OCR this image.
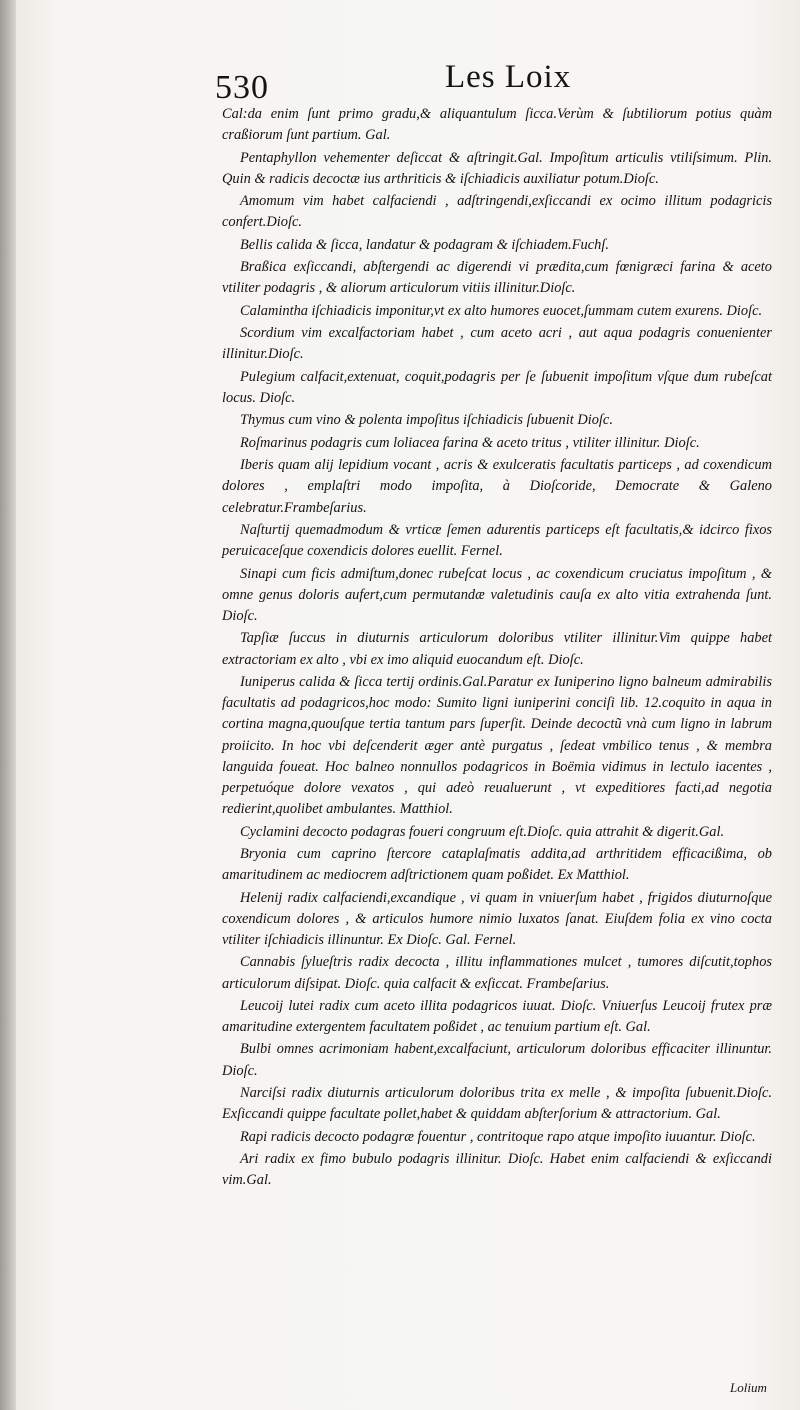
530	Les Loix

Cal:da enim ſunt primo gradu,& aliquantulum ſicca.Verùm & ſubtiliorum potius quàm craßiorum ſunt partium. Gal.

Pentaphyllon vehementer deſiccat & aſtringit.Gal. Impoſitum articulis vtiliſsimum. Plin. Quin & radicis decoctæ ius arthriticis & iſchiadicis auxiliatur potum.Dioſc.

Amomum vim habet calfaciendi , adſtringendi,exſiccandi ex ocimo illitum podagricis confert.Dioſc.

Bellis calida & ſicca, landatur & podagram & iſchiadem.Fuchſ.

Braßica exſiccandi, abſtergendi ac digerendi vi prædita,cum fœnigræci farina & aceto vtiliter podagris , & aliorum articulorum vitiis illinitur.Dioſc.

Calamintha iſchiadicis imponitur,vt ex alto humores euocet,ſummam cutem exurens. Dioſc.

Scordium vim excalfactoriam habet , cum aceto acri , aut aqua podagris conuenienter illinitur.Dioſc.

Pulegium calfacit,extenuat, coquit,podagris per ſe ſubuenit impoſitum vſque dum rubeſcat locus. Dioſc.

Thymus cum vino & polenta impoſitus iſchiadicis ſubuenit Dioſc.

Roſmarinus podagris cum loliacea farina & aceto tritus , vtiliter illinitur. Dioſc.

Iberis quam alij lepidium vocant , acris & exulceratis facultatis particeps , ad coxendicum dolores , emplaſtri modo impoſita, à Dioſcoride, Democrate & Galeno celebratur.Frambeſarius.

Naſturtij quemadmodum & vrticæ ſemen adurentis particeps eſt facultatis,& idcirco fixos peruicaceſque coxendicis dolores euellit. Fernel.

Sinapi cum ficis admiſtum,donec rubeſcat locus , ac coxendicum cruciatus impoſitum , & omne genus doloris aufert,cum permutandæ valetudinis cauſa ex alto vitia extrahenda ſunt. Dioſc.

Tapſiæ ſuccus in diuturnis articulorum doloribus vtiliter illinitur.Vim quippe habet extractoriam ex alto , vbi ex imo aliquid euocandum eſt. Dioſc.

Iuniperus calida & ſicca tertij ordinis.Gal.Paratur ex Iuniperino ligno balneum admirabilis facultatis ad podagricos,hoc modo: Sumito ligni iuniperini conciſi lib. 12.coquito in aqua in cortina magna,quouſque tertia tantum pars ſuperſit. Deinde decoctũ vnà cum ligno in labrum proiicito. In hoc vbi deſcenderit æger antè purgatus , ſedeat vmbilico tenus , & membra languida foueat. Hoc balneo nonnullos podagricos in Boëmia vidimus in lectulo iacentes , perpetuóque dolore vexatos , qui adeò reualuerunt , vt expeditiores facti,ad negotia redierint,quolibet ambulantes. Matthiol.

Cyclamini decocto podagras foueri congruum eſt.Dioſc. quia attrahit & digerit.Gal.

Bryonia cum caprino ſtercore cataplaſmatis addita,ad arthritidem efficacißima, ob amaritudinem ac mediocrem adſtrictionem quam poßidet. Ex Matthiol.

Helenij radix calfaciendi,excandique , vi quam in vniuerſum habet , frigidos diuturnoſque coxendicum dolores , & articulos humore nimio luxatos ſanat. Eiuſdem folia ex vino cocta vtiliter iſchiadicis illinuntur. Ex Dioſc. Gal. Fernel.

Cannabis ſylueſtris radix decocta , illitu inflammationes mulcet , tumores diſcutit,tophos articulorum diſsipat. Dioſc. quia calfacit & exſiccat. Frambeſarius.

Leucoij lutei radix cum aceto illita podagricos iuuat. Dioſc. Vniuerſus Leucoij frutex præ amaritudine extergentem facultatem poßidet , ac tenuium partium eſt. Gal.

Bulbi omnes acrimoniam habent,excalfaciunt, articulorum doloribus efficaciter illinuntur. Dioſc.

Narciſsi radix diuturnis articulorum doloribus trita ex melle , & impoſita ſubuenit.Dioſc. Exſiccandi quippe facultate pollet,habet & quiddam abſterſorium & attractorium. Gal.

Rapi radicis decocto podagræ fouentur , contritoque rapo atque impoſito iuuantur. Dioſc.

Ari radix ex fimo bubulo podagris illinitur. Dioſc. Habet enim calfaciendi & exſiccandi vim.Gal.

Lolium
